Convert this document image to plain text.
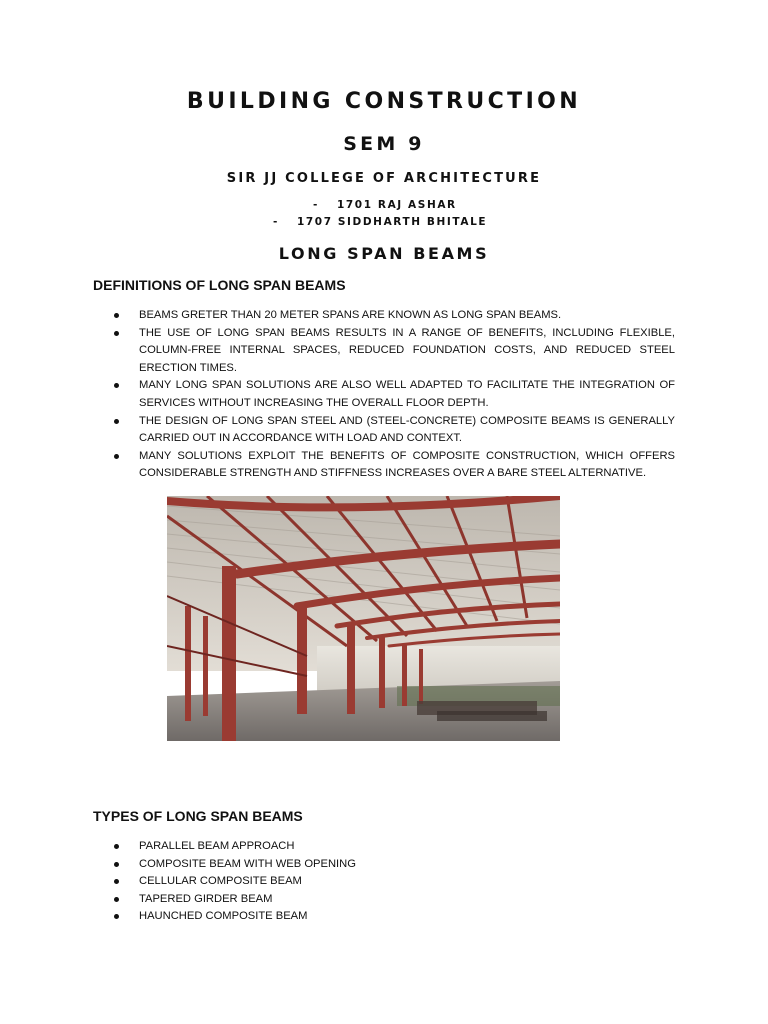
BUILDING CONSTRUCTION
SEM 9
SIR JJ COLLEGE OF ARCHITECTURE
- 1701 RAJ ASHAR
- 1707 SIDDHARTH BHITALE
LONG SPAN BEAMS
DEFINITIONS OF LONG SPAN BEAMS
BEAMS GRETER THAN 20 METER SPANS ARE KNOWN AS LONG SPAN BEAMS.
THE USE OF LONG SPAN BEAMS RESULTS IN A RANGE OF BENEFITS, INCLUDING FLEXIBLE, COLUMN-FREE INTERNAL SPACES, REDUCED FOUNDATION COSTS, AND REDUCED STEEL ERECTION TIMES.
MANY LONG SPAN SOLUTIONS ARE ALSO WELL ADAPTED TO FACILITATE THE INTEGRATION OF SERVICES WITHOUT INCREASING THE OVERALL FLOOR DEPTH.
THE DESIGN OF LONG SPAN STEEL AND (STEEL-CONCRETE) COMPOSITE BEAMS IS GENERALLY CARRIED OUT IN ACCORDANCE WITH LOAD AND CONTEXT.
MANY SOLUTIONS EXPLOIT THE BENEFITS OF COMPOSITE CONSTRUCTION, WHICH OFFERS CONSIDERABLE STRENGTH AND STIFFNESS INCREASES OVER A BARE STEEL ALTERNATIVE.
TYPES OF LONG SPAN BEAMS
PARALLEL BEAM APPROACH
COMPOSITE BEAM WITH WEB OPENING
CELLULAR COMPOSITE BEAM
TAPERED GIRDER BEAM
HAUNCHED COMPOSITE BEAM
